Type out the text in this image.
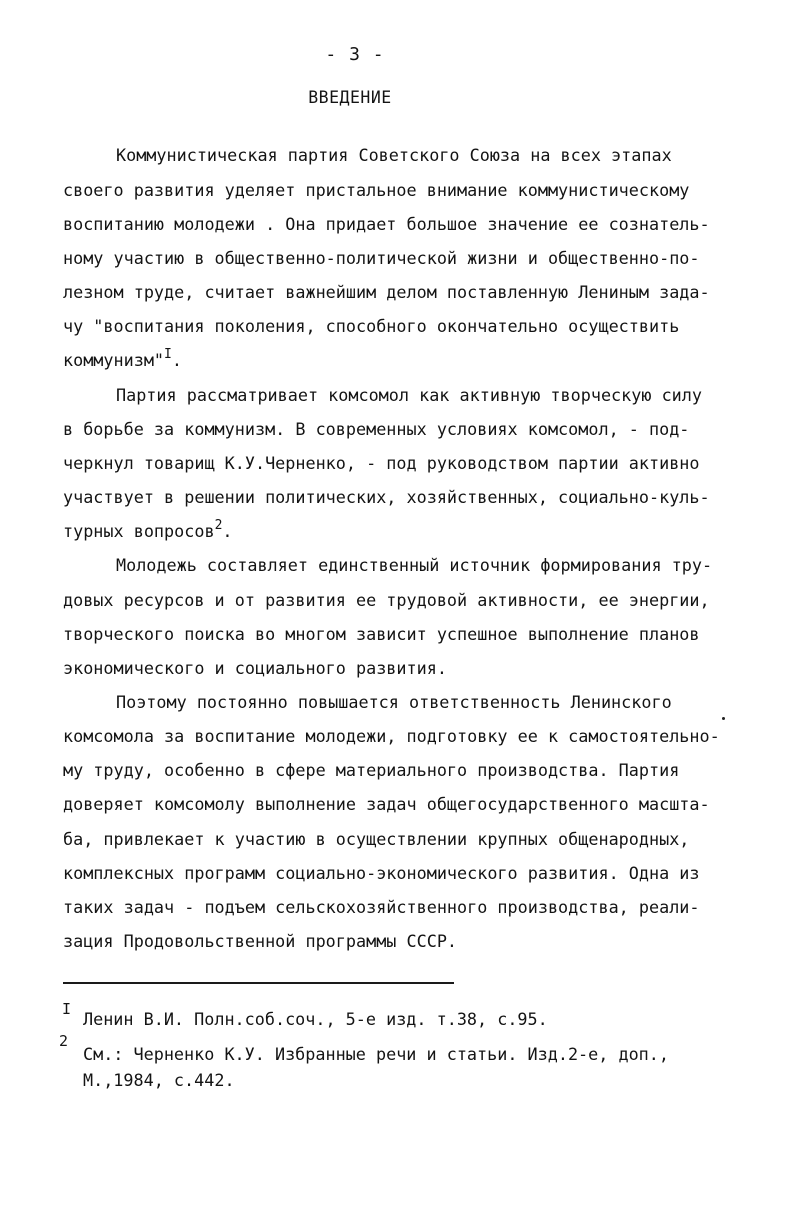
- 3 -
ВВЕДЕНИЕ
Коммунистическая партия Советского Союза на всех этапах
своего развития уделяет пристальное внимание коммунистическому
воспитанию молодежи . Она придает большое значение ее сознатель-
ному участию в общественно-политической жизни и общественно-по-
лезном труде, считает важнейшим делом поставленную Лениным зада-
чу "воспитания поколения, способного окончательно осуществить
коммунизм"$^I$.
Партия рассматривает комсомол как активную творческую силу
в борьбе за коммунизм. В современных условиях комсомол, - под-
черкнул товарищ К.У.Черненко, - под руководством партии активно
участвует в решении политических, хозяйственных, социально-куль-
турных вопросов$^2$.
Молодежь составляет единственный источник формирования тру-
довых ресурсов и от развития ее трудовой активности, ее энергии,
творческого поиска во многом зависит успешное выполнение планов
экономического и социального развития.
Поэтому постоянно повышается ответственность Ленинского
комсомола за воспитание молодежи, подготовку ее к самостоятельно-
му труду, особенно в сфере материального производства. Партия
доверяет комсомолу выполнение задач общегосударственного масшта-
ба, привлекает к участию в осуществлении крупных общенародных,
комплексных программ социально-экономического развития. Одна из
таких задач - подъем сельскохозяйственного производства, реали-
зация Продовольственной программы СССР.
I Ленин В.И. Полн.соб.соч., 5-е изд. т.38, с.95.
2
См.: Черненко К.У. Избранные речи и статьи. Изд.2-е, доп.,
М.,1984, с.442.
